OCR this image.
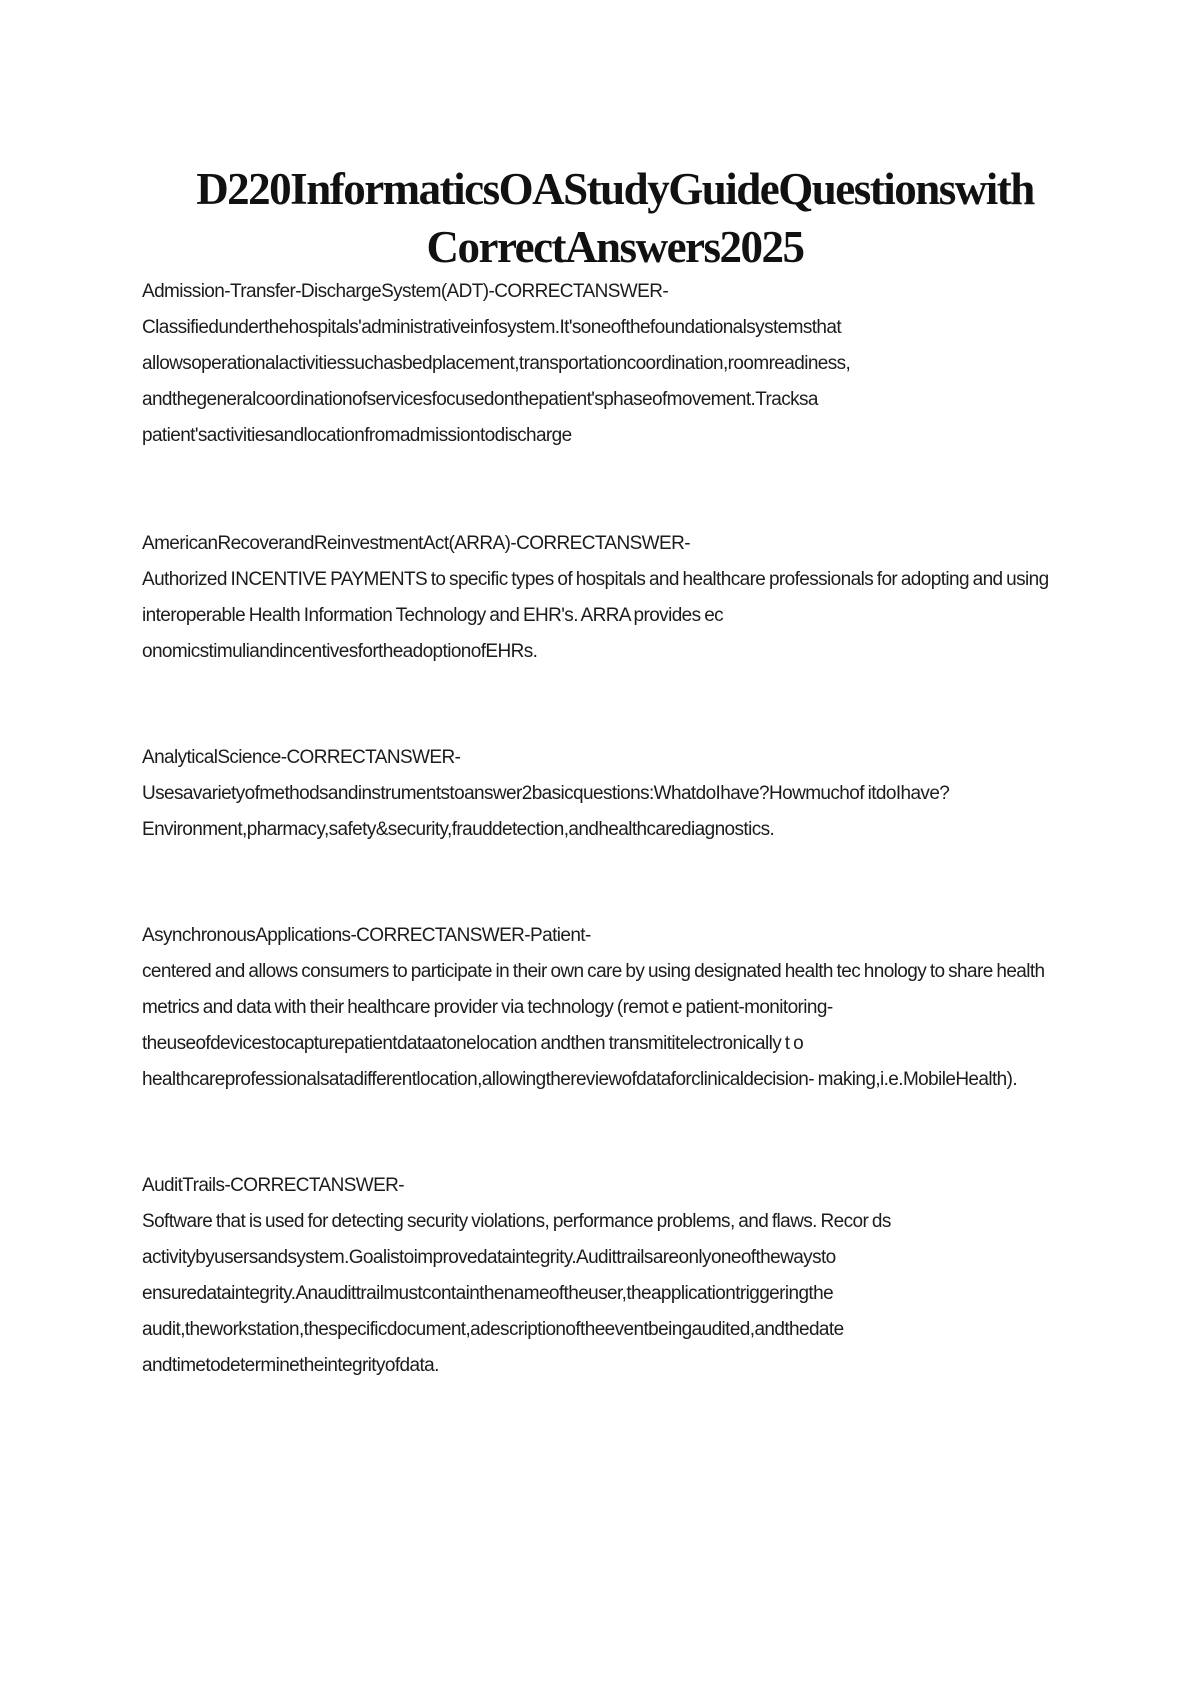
D220InformaticsOAStudyGuideQuestionswith CorrectAnswers2025
Admission-Transfer-DischargeSystem(ADT)-CORRECTANSWER-
Classifiedunderthehospitals'administrativeinfosystem.It'soneofthefoundationalsystemsthat allowsoperationalactivitiessuchasbedplacement,transportationcoordination,roomreadiness, andthegeneralcoordinationofservicesfocusedonthepatient'sphaseofmovement.Tracksa patient'sactivitiesandlocationfromadmissiontodischarge
AmericanRecoverandReinvestmentAct(ARRA)-CORRECTANSWER-
Authorized INCENTIVE PAYMENTS to specific types of hospitals and healthcare professionals for adopting and using interoperable Health Information Technology and EHR's. ARRA provides ec onomicstimuliandincentivesfortheadoptionofEHRs.
AnalyticalScience-CORRECTANSWER-
Usesavarietyofmethodsandinstrumentstoanswer2basicquestions:WhatdoIhave?Howmuchof itdoIhave?Environment,pharmacy,safety&security,frauddetection,andhealthcarediagnostics.
AsynchronousApplications-CORRECTANSWER-Patient-
centered and allows consumers to participate in their own care by using designated health tec hnology to share health metrics and data with their healthcare provider via technology (remot e patient-monitoring- theuseofdevicestocapturepatientdataatonelocation andthen transmititelectronically t o healthcareprofessionalsatadifferentlocation,allowingthereviewofdataforclinicaldecision- making,i.e.MobileHealth).
AuditTrails-CORRECTANSWER-
Software that is used for detecting security violations, performance problems, and flaws. Recor ds activitybyusersandsystem.Goalistoimprovedataintegrity.Audittrailsareonlyoneofthewaysto ensuredataintegrity.Anaudittrailmustcontainthenameoftheuser,theapplicationtriggeringthe audit,theworkstation,thespecificdocument,adescriptionoftheeventbeingaudited,andthedate andtimetodeterminetheintegrityofdata.
